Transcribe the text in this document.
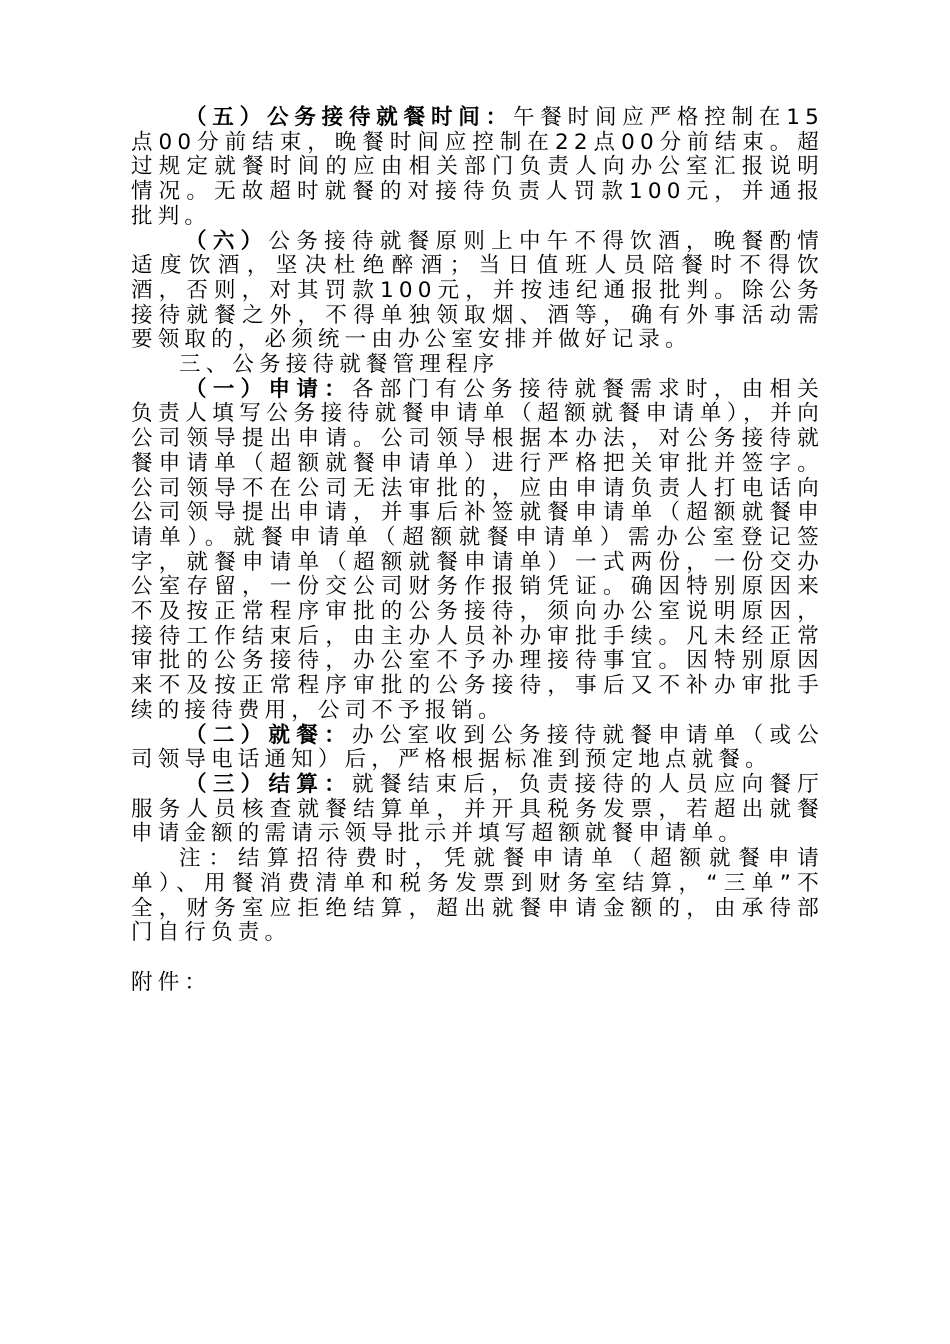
（五）公务接待就餐时间：午餐时间应严格控制在15点00分前结束，晚餐时间应控制在22点00分前结束。超过规定就餐时间的应由相关部门负责人向办公室汇报说明情况。无故超时就餐的对接待负责人罚款100元，并通报批判。

（六）公务接待就餐原则上中午不得饮酒，晚餐酌情适度饮酒，坚决杜绝醉酒；当日值班人员陪餐时不得饮酒，否则，对其罚款100元，并按违纪通报批判。除公务接待就餐之外，不得单独领取烟、酒等，确有外事活动需要领取的，必须统一由办公室安排并做好记录。

三、公务接待就餐管理程序

（一）申请：各部门有公务接待就餐需求时，由相关负责人填写公务接待就餐申请单（超额就餐申请单），并向公司领导提出申请。公司领导根据本办法，对公务接待就餐申请单（超额就餐申请单）进行严格把关审批并签字。公司领导不在公司无法审批的，应由申请负责人打电话向公司领导提出申请，并事后补签就餐申请单（超额就餐申请单）。就餐申请单（超额就餐申请单）需办公室登记签字，就餐申请单（超额就餐申请单）一式两份，一份交办公室存留，一份交公司财务作报销凭证。确因特别原因来不及按正常程序审批的公务接待，须向办公室说明原因，接待工作结束后，由主办人员补办审批手续。凡未经正常审批的公务接待，办公室不予办理接待事宜。因特别原因来不及按正常程序审批的公务接待，事后又不补办审批手续的接待费用，公司不予报销。

（二）就餐：办公室收到公务接待就餐申请单（或公司领导电话通知）后，严格根据标准到预定地点就餐。

（三）结算：就餐结束后，负责接待的人员应向餐厅服务人员核查就餐结算单，并开具税务发票，若超出就餐申请金额的需请示领导批示并填写超额就餐申请单。

注：结算招待费时，凭就餐申请单（超额就餐申请单）、用餐消费清单和税务发票到财务室结算，“三单”不全，财务室应拒绝结算，超出就餐申请金额的，由承待部门自行负责。

附件：
